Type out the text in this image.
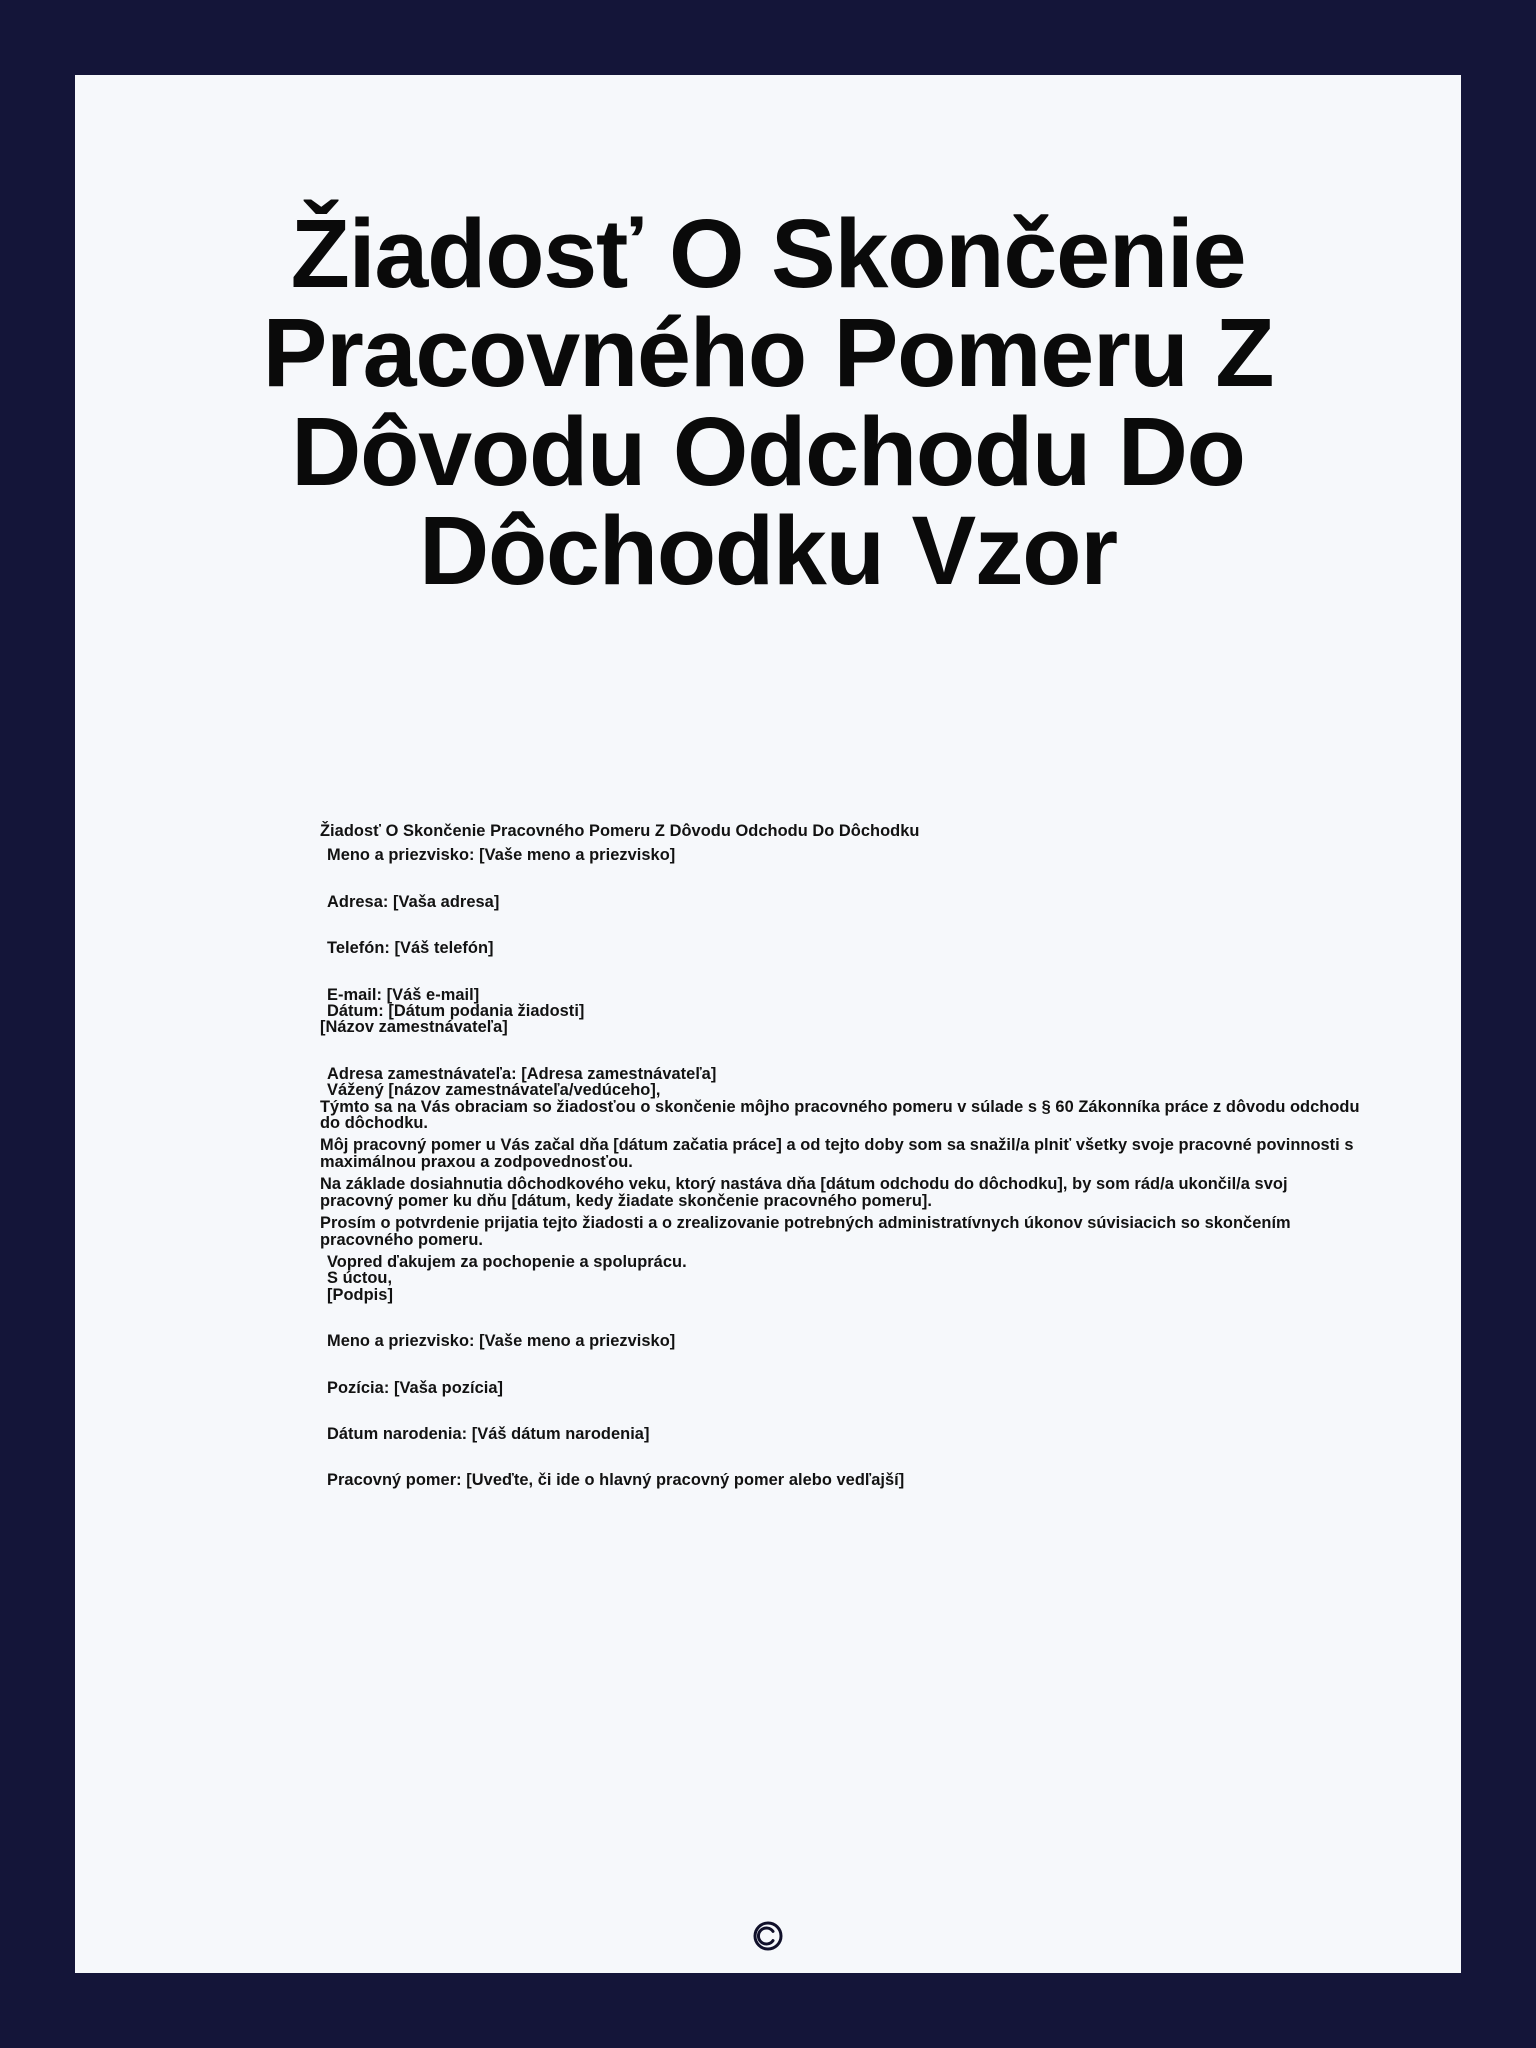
Žiadosť O Skončenie Pracovného Pomeru Z Dôvodu Odchodu Do Dôchodku Vzor
Žiadosť O Skončenie Pracovného Pomeru Z Dôvodu Odchodu Do Dôchodku
Meno a priezvisko: [Vaše meno a priezvisko]
Adresa: [Vaša adresa]
Telefón: [Váš telefón]
E-mail: [Váš e-mail]
Dátum: [Dátum podania žiadosti]
[Názov zamestnávateľa]
Adresa zamestnávateľa: [Adresa zamestnávateľa]
Vážený [názov zamestnávateľa/vedúceho],
Týmto sa na Vás obraciam so žiadosťou o skončenie môjho pracovného pomeru v súlade s § 60 Zákonníka práce z dôvodu odchodu do dôchodku.
Môj pracovný pomer u Vás začal dňa [dátum začatia práce] a od tejto doby som sa snažil/a plniť všetky svoje pracovné povinnosti s maximálnou praxou a zodpovednosťou.
Na základe dosiahnutia dôchodkového veku, ktorý nastáva dňa [dátum odchodu do dôchodku], by som rád/a ukončil/a svoj pracovný pomer ku dňu [dátum, kedy žiadate skončenie pracovného pomeru].
Prosím o potvrdenie prijatia tejto žiadosti a o zrealizovanie potrebných administratívnych úkonov súvisiacich so skončením pracovného pomeru.
Vopred ďakujem za pochopenie a spoluprácu.
S úctou,
[Podpis]
Meno a priezvisko: [Vaše meno a priezvisko]
Pozícia: [Vaša pozícia]
Dátum narodenia: [Váš dátum narodenia]
Pracovný pomer: [Uveďte, či ide o hlavný pracovný pomer alebo vedľajší]
